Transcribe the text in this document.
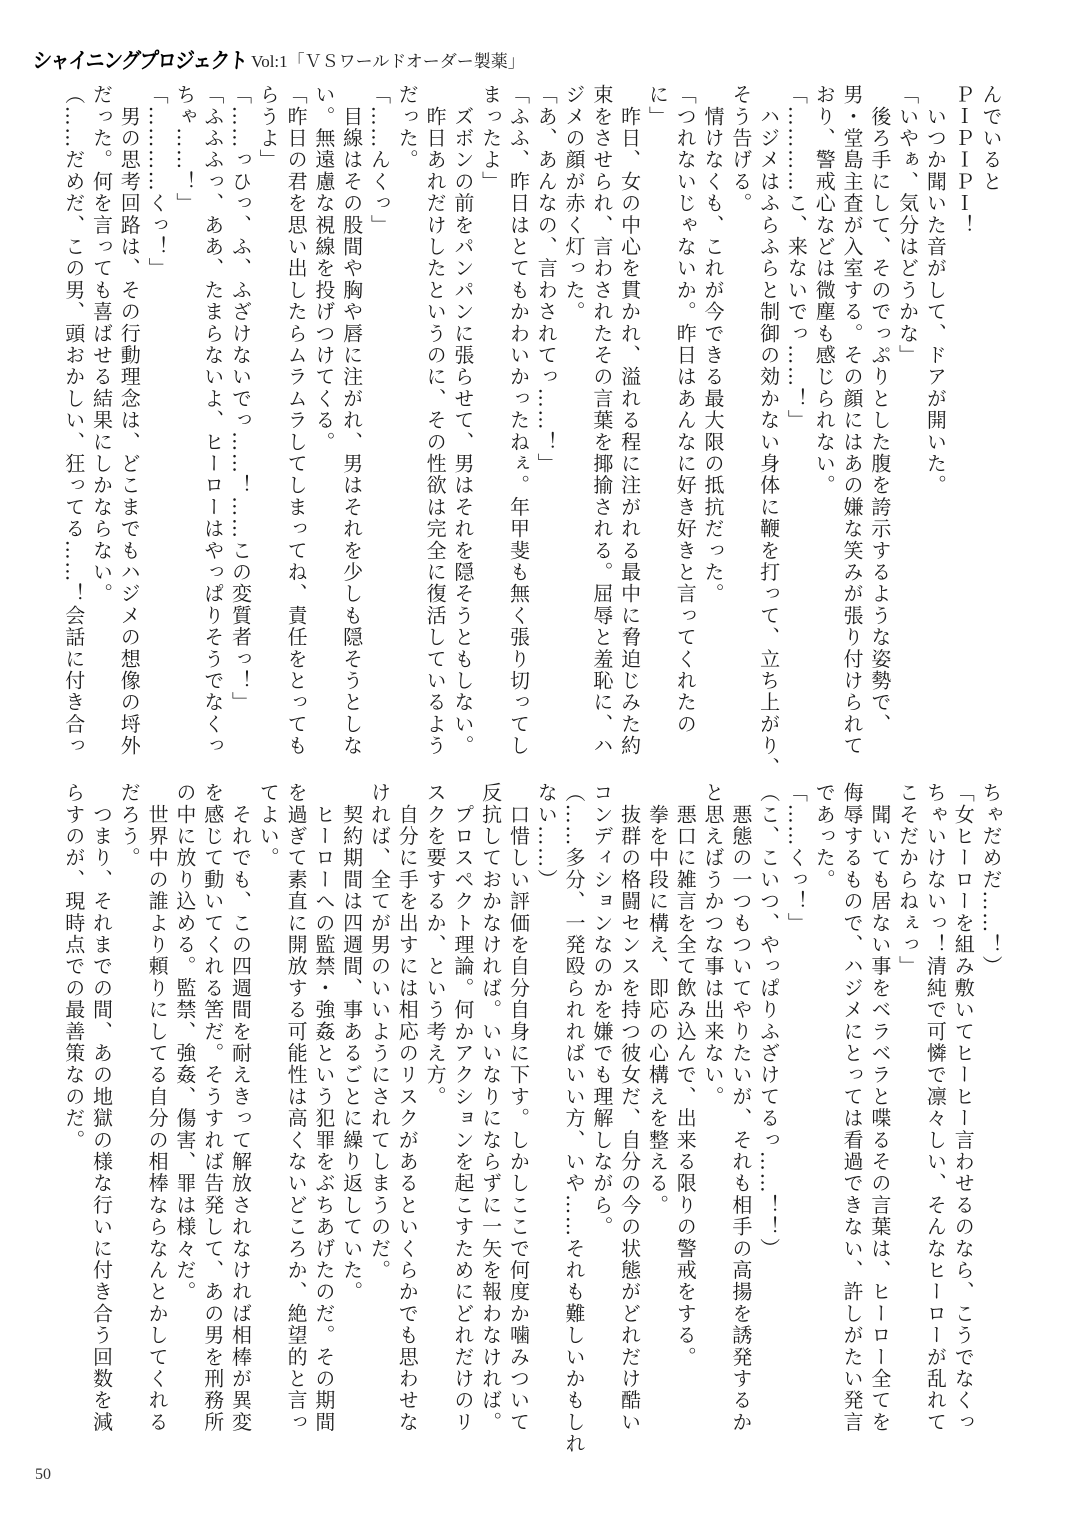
シャイニングプロジェクト Vol:1「ＶＳワールドオーダー製薬」
んでいると
ＰＩＰＩＰＩ！
　いつか聞いた音がして、ドアが開いた。
「いやぁ、気分はどうかな」
　後ろ手にして、そのでっぷりとした腹を誇示するような姿勢で、
男・堂島主査が入室する。その顔にはあの嫌な笑みが張り付けられて
おり、警戒心などは微塵も感じられない。
「…………こ、来ないでっ……！」
　ハジメはふらふらと制御の効かない身体に鞭を打って、立ち上がり、
そう告げる。
　情けなくも、これが今できる最大限の抵抗だった。
「つれないじゃないか。昨日はあんなに好き好きと言ってくれたの
に」
　昨日、女の中心を貫かれ、溢れる程に注がれる最中に脅迫じみた約
束をさせられ、言わされたその言葉を揶揄される。屈辱と羞恥に、ハ
ジメの顔が赤く灯った。
「あ、あんなの、言わされてっ……！」
「ふふ、昨日はとてもかわいかったねぇ。年甲斐も無く張り切ってし
まったよ」
　ズボンの前をパンパンに張らせて、男はそれを隠そうともしない。
　昨日あれだけしたというのに、その性欲は完全に復活しているよう
だった。
「……んくっ」
　目線はその股間や胸や唇に注がれ、男はそれを少しも隠そうとしな
い。無遠慮な視線を投げつけてくる。
「昨日の君を思い出したらムラムラしてしまってね、責任をとっても
らうよ」
「……っひっ、ふ、ふざけないでっ……！……この変質者っ！」
「ふふふっ、ああ、たまらないよ、ヒーローはやっぱりそうでなくっ
ちゃ……！」
「…………くっ！」
　男の思考回路は、その行動理念は、どこまでもハジメの想像の埒外
だった。何を言っても喜ばせる結果にしかならない。
（……だめだ、この男、頭おかしい、狂ってる……！会話に付き合っ
ちゃだめだ……！）
「女ヒーローを組み敷いてヒーヒー言わせるのなら、こうでなくっ
ちゃいけないっ！清純で可憐で凛々しい、そんなヒーローが乱れて
こそだからねぇっ」
　聞いても居ない事をベラベラと喋るその言葉は、ヒーロー全てを
侮辱するもので、ハジメにとっては看過できない、許しがたい発言
であった。
「……くっ！」
（こ、こいつ、やっぱりふざけてるっ……！！）
　悪態の一つもついてやりたいが、それも相手の高揚を誘発するか
と思えばうかつな事は出来ない。
　悪口に雑言を全て飲み込んで、出来る限りの警戒をする。
　拳を中段に構え、即応の心構えを整える。
　抜群の格闘センスを持つ彼女だ、自分の今の状態がどれだけ酷い
コンディションなのかを嫌でも理解しながら。
（……多分、一発殴られればいい方、いや……それも難しいかもしれ
ない……）
　口惜しい評価を自分自身に下す。しかしここで何度か噛みついて
反抗しておかなければ。いいなりにならずに一矢を報わなければ。
　プロスペクト理論。何かアクションを起こすためにどれだけのリ
スクを要するか、という考え方。
　自分に手を出すには相応のリスクがあるといくらかでも思わせな
ければ、全てが男のいいようにされてしまうのだ。
　契約期間は四週間、事あるごとに繰り返していた。
　ヒーローへの監禁・強姦という犯罪をぶちあげたのだ。その期間
を過ぎて素直に開放する可能性は高くないどころか、絶望的と言っ
てよい。
　それでも、この四週間を耐えきって解放されなければ相棒が異変
を感じて動いてくれる筈だ。そうすれば告発して、あの男を刑務所
の中に放り込める。監禁、強姦、傷害、罪は様々だ。
　世界中の誰より頼りにしてる自分の相棒ならなんとかしてくれる
だろう。
　つまり、それまでの間、あの地獄の様な行いに付き合う回数を減
らすのが、現時点での最善策なのだ。
50
